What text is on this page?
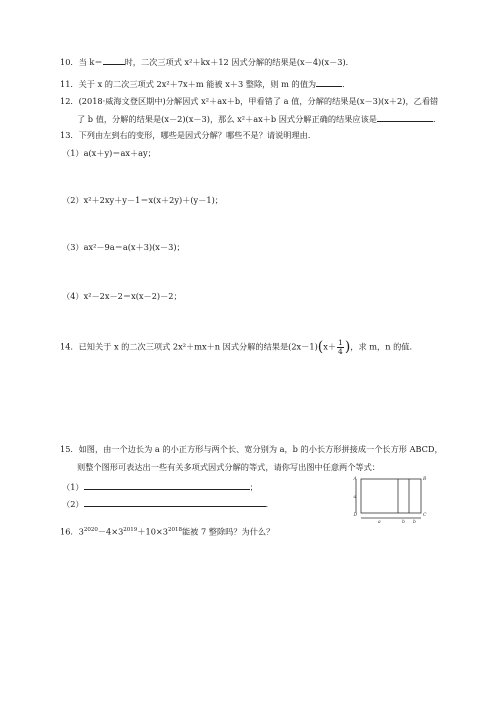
10．当 k＝	时，二次三项式 x²＋kx＋12 因式分解的结果是(x－4)(x－3)．
11．关于 x 的二次三项式 2x²＋7x＋m 能被 x＋3 整除，则 m 的值为	．
12．(2018·威海文登区期中)分解因式 x²＋ax＋b，甲看错了 a 值，分解的结果是(x－3)(x＋2)，乙看错
了 b 值，分解的结果是(x－2)(x－3)，那么 x²＋ax＋b 因式分解正确的结果应该是	．
13．下列由左到右的变形，哪些是因式分解？哪些不是？请说明理由．
（1）a(x＋y)＝ax＋ay；
（2）x²＋2xy＋y－1＝x(x＋2y)＋(y－1)；
（3）ax²－9a＝a(x＋3)(x－3)；
（4）x²－2x－2＝x(x－2)－2；
14．已知关于 x 的二次三项式 2x²＋mx＋n 因式分解的结果是$(2x-1)(x+ \frac{1}{4}$ )，求 m，n 的值．
15．如图，由一个边长为 a 的小正方形与两个长、宽分别为 a，b 的小长方形拼接成一个长方形 ABCD，
则整个图形可表达出一些有关多项式因式分解的等式，请你写出图中任意两个等式：
（1）	；
（2）	．
A
a
D
B
C
a	b b
16．$3^{2020}-4\times 3^{2019}+10\times 3^{2018}$能被 7 整除吗？为什么？
